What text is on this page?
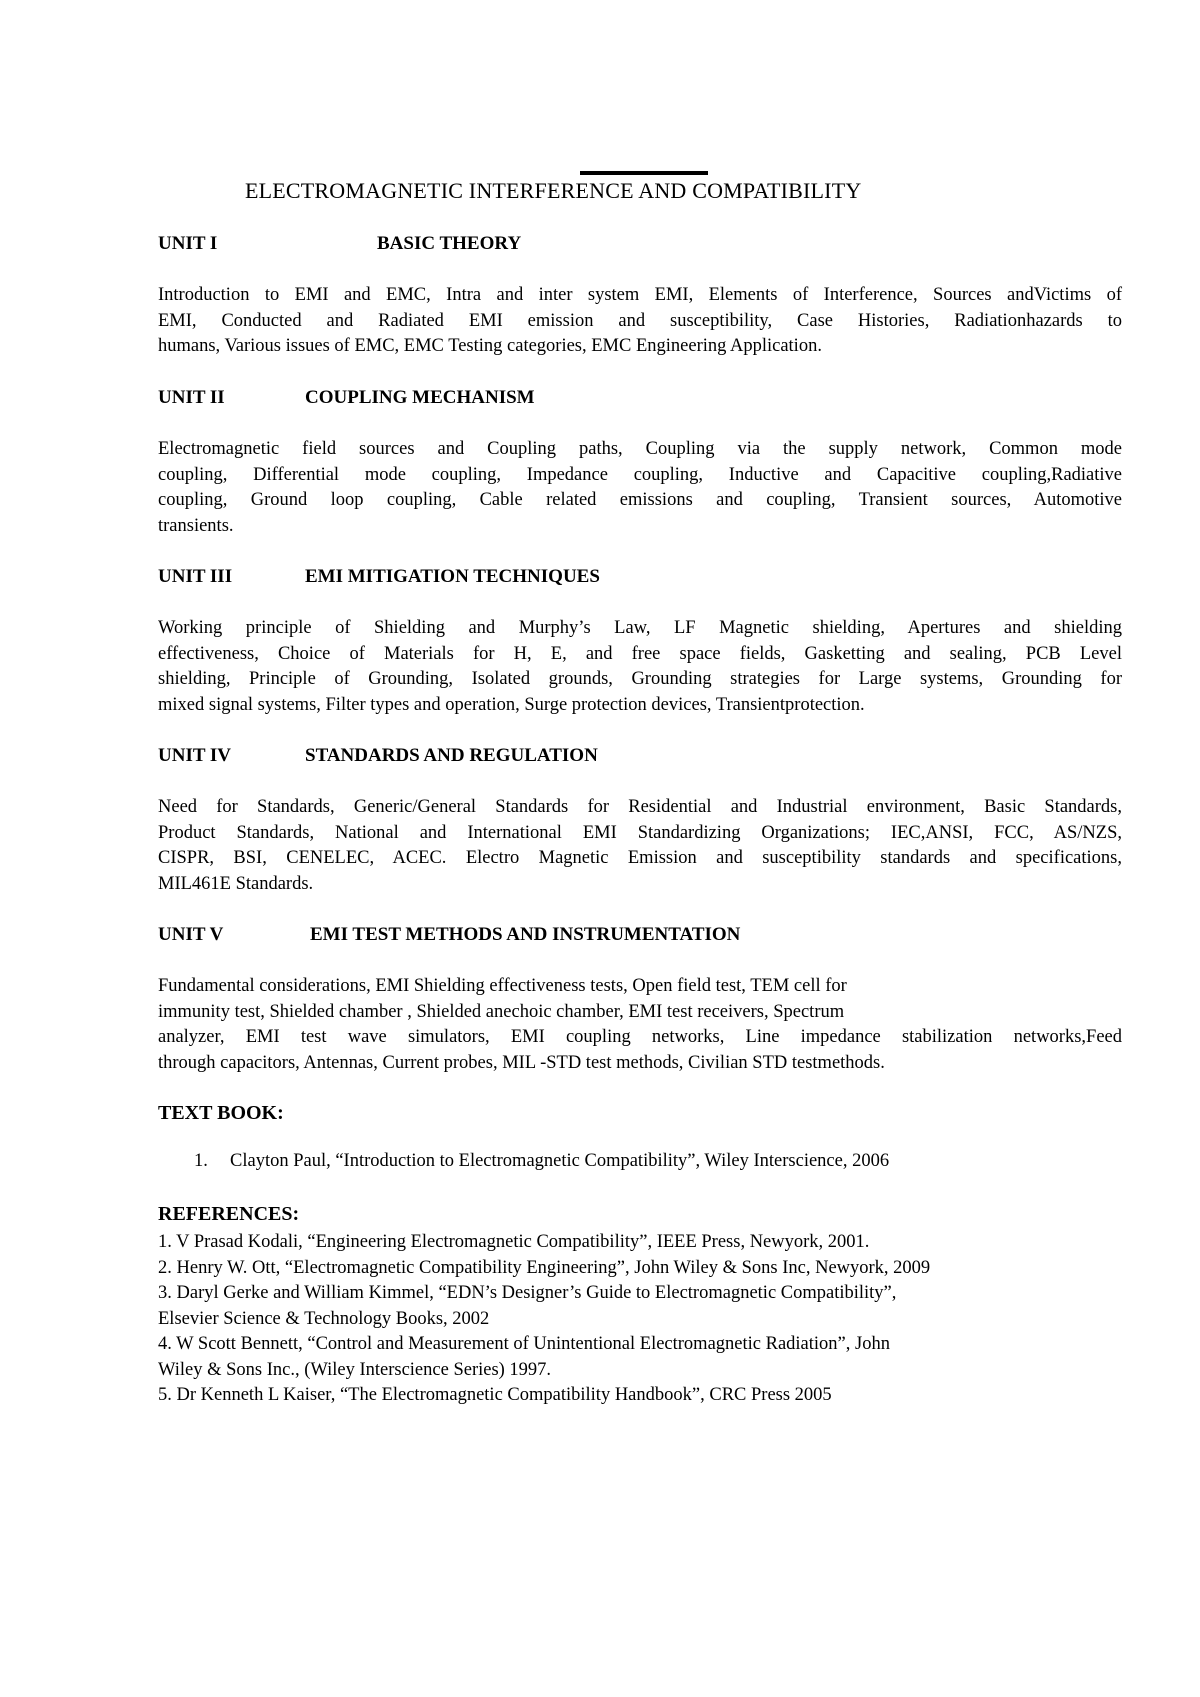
ELECTROMAGNETIC INTERFERENCE AND COMPATIBILITY
UNIT I	BASIC THEORY
Introduction to EMI and EMC, Intra and inter system EMI, Elements of Interference, Sources andVictims of
EMI, Conducted and Radiated EMI emission and susceptibility, Case Histories, Radiationhazards to
humans, Various issues of EMC, EMC Testing categories, EMC Engineering Application.
UNIT II	COUPLING MECHANISM
Electromagnetic field sources and Coupling paths, Coupling via the supply network, Common mode
coupling, Differential mode coupling, Impedance coupling, Inductive and Capacitive coupling,Radiative
coupling, Ground loop coupling, Cable related emissions and coupling, Transient sources, Automotive
transients.
UNIT III	EMI MITIGATION TECHNIQUES
Working principle of Shielding and Murphy’s Law, LF Magnetic shielding, Apertures and shielding
effectiveness, Choice of Materials for H, E, and free space fields, Gasketting and sealing, PCB Level
shielding, Principle of Grounding, Isolated grounds, Grounding strategies for Large systems, Grounding for
mixed signal systems, Filter types and operation, Surge protection devices, Transientprotection.
UNIT IV	STANDARDS AND REGULATION
Need for Standards, Generic/General Standards for Residential and Industrial environment, Basic Standards,
Product Standards, National and International EMI Standardizing Organizations; IEC,ANSI, FCC, AS/NZS,
CISPR, BSI, CENELEC, ACEC. Electro Magnetic Emission and susceptibility standards and specifications,
MIL461E Standards.
UNIT V	EMI TEST METHODS AND INSTRUMENTATION
Fundamental considerations, EMI Shielding effectiveness tests, Open field test, TEM cell for
immunity test, Shielded chamber , Shielded anechoic chamber, EMI test receivers, Spectrum
analyzer, EMI test wave simulators, EMI coupling networks, Line impedance stabilization networks,Feed
through capacitors, Antennas, Current probes, MIL -STD test methods, Civilian STD testmethods.
TEXT BOOK:
1. Clayton Paul, “Introduction to Electromagnetic Compatibility”, Wiley Interscience, 2006
REFERENCES:
1. V Prasad Kodali, “Engineering Electromagnetic Compatibility”, IEEE Press, Newyork, 2001.
2. Henry W. Ott, “Electromagnetic Compatibility Engineering”, John Wiley & Sons Inc, Newyork, 2009
3. Daryl Gerke and William Kimmel, “EDN’s Designer’s Guide to Electromagnetic Compatibility”,
Elsevier Science & Technology Books, 2002
4. W Scott Bennett, “Control and Measurement of Unintentional Electromagnetic Radiation”, John
Wiley & Sons Inc., (Wiley Interscience Series) 1997.
5. Dr Kenneth L Kaiser, “The Electromagnetic Compatibility Handbook”, CRC Press 2005
